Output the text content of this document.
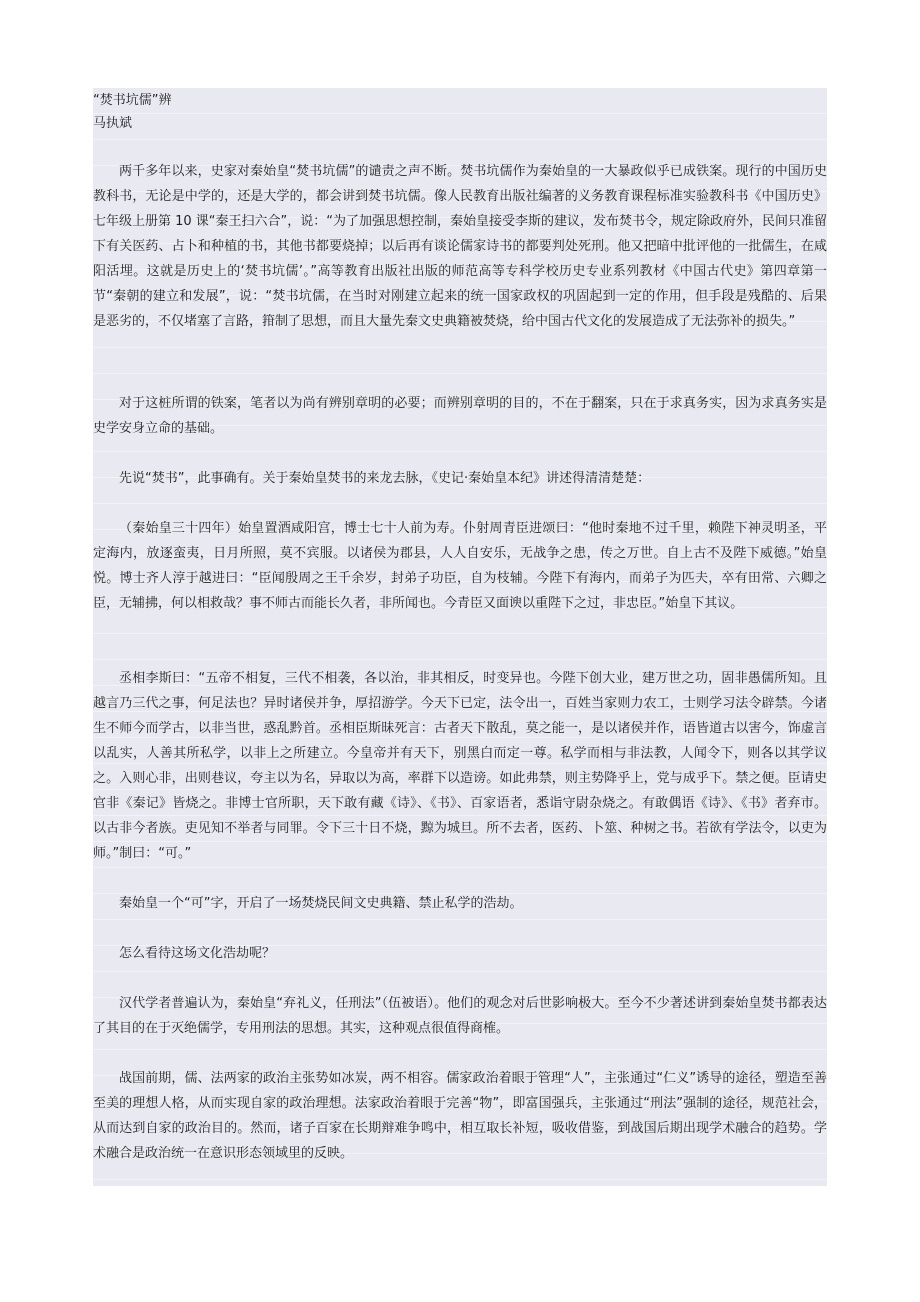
“焚书坑儒”辨
马执斌

两千多年以来，史家对秦始皇“焚书坑儒”的谴责之声不断。焚书坑儒作为秦始皇的一大暴政似乎已成铁案。现行的中国历史教科书，无论是中学的，还是大学的，都会讲到焚书坑儒。像人民教育出版社编著的义务教育课程标准实验教科书《中国历史》七年级上册第 10 课“秦王扫六合”，说：“为了加强思想控制，秦始皇接受李斯的建议，发布焚书令，规定除政府外，民间只准留下有关医药、占卜和种植的书，其他书都要烧掉；以后再有谈论儒家诗书的都要判处死刑。他又把暗中批评他的一批儒生，在咸阳活埋。这就是历史上的‘焚书坑儒’。”高等教育出版社出版的师范高等专科学校历史专业系列教材《中国古代史》第四章第一节“秦朝的建立和发展”，说：“焚书坑儒，在当时对刚建立起来的统一国家政权的巩固起到一定的作用，但手段是残酷的、后果是恶劣的，不仅堵塞了言路，箝制了思想，而且大量先秦文史典籍被焚烧，给中国古代文化的发展造成了无法弥补的损失。”

对于这桩所谓的铁案，笔者以为尚有辨别章明的必要；而辨别章明的目的，不在于翻案，只在于求真务实，因为求真务实是史学安身立命的基础。

先说“焚书”，此事确有。关于秦始皇焚书的来龙去脉，《史记·秦始皇本纪》讲述得清清楚楚：

（秦始皇三十四年）始皇置酒咸阳宫，博士七十人前为寿。仆射周青臣进颂曰：“他时秦地不过千里，赖陛下神灵明圣，平定海内，放逐蛮夷，日月所照，莫不宾服。以诸侯为郡县，人人自安乐，无战争之患，传之万世。自上古不及陛下威德。”始皇悦。博士齐人淳于越进曰：“臣闻殷周之王千余岁，封弟子功臣，自为枝辅。今陛下有海内，而弟子为匹夫，卒有田常、六卿之臣，无辅拂，何以相救哉？事不师古而能长久者，非所闻也。今青臣又面谀以重陛下之过，非忠臣。”始皇下其议。

丞相李斯曰：“五帝不相复，三代不相袭，各以治，非其相反，时变异也。今陛下创大业，建万世之功，固非愚儒所知。且越言乃三代之事，何足法也？异时诸侯并争，厚招游学。今天下已定，法令出一，百姓当家则力农工，士则学习法令辟禁。今诸生不师今而学古，以非当世，惑乱黔首。丞相臣斯昧死言：古者天下散乱，莫之能一，是以诸侯并作，语皆道古以害今，饰虚言以乱实，人善其所私学，以非上之所建立。今皇帝并有天下，别黑白而定一尊。私学而相与非法教，人闻令下，则各以其学议之。入则心非，出则巷议，夸主以为名，异取以为高，率群下以造谤。如此弗禁，则主势降乎上，党与成乎下。禁之便。臣请史官非《秦记》皆烧之。非博士官所职，天下敢有藏《诗》、《书》、百家语者，悉诣守尉杂烧之。有敢偶语《诗》、《书》者弃市。以古非今者族。吏见知不举者与同罪。令下三十日不烧，黥为城旦。所不去者，医药、卜筮、种树之书。若欲有学法令，以吏为师。”制曰：“可。”

秦始皇一个“可”字，开启了一场焚烧民间文史典籍、禁止私学的浩劫。

怎么看待这场文化浩劫呢？

汉代学者普遍认为，秦始皇“弃礼义，任刑法”（伍被语）。他们的观念对后世影响极大。至今不少著述讲到秦始皇焚书都表达了其目的在于灭绝儒学，专用刑法的思想。其实，这种观点很值得商榷。

战国前期，儒、法两家的政治主张势如冰炭，两不相容。儒家政治着眼于管理“人”，主张通过“仁义”诱导的途径，塑造至善至美的理想人格，从而实现自家的政治理想。法家政治着眼于完善“物”，即富国强兵，主张通过“刑法”强制的途径，规范社会，从而达到自家的政治目的。然而，诸子百家在长期辩难争鸣中，相互取长补短，吸收借鉴，到战国后期出现学术融合的趋势。学术融合是政治统一在意识形态领域里的反映。
